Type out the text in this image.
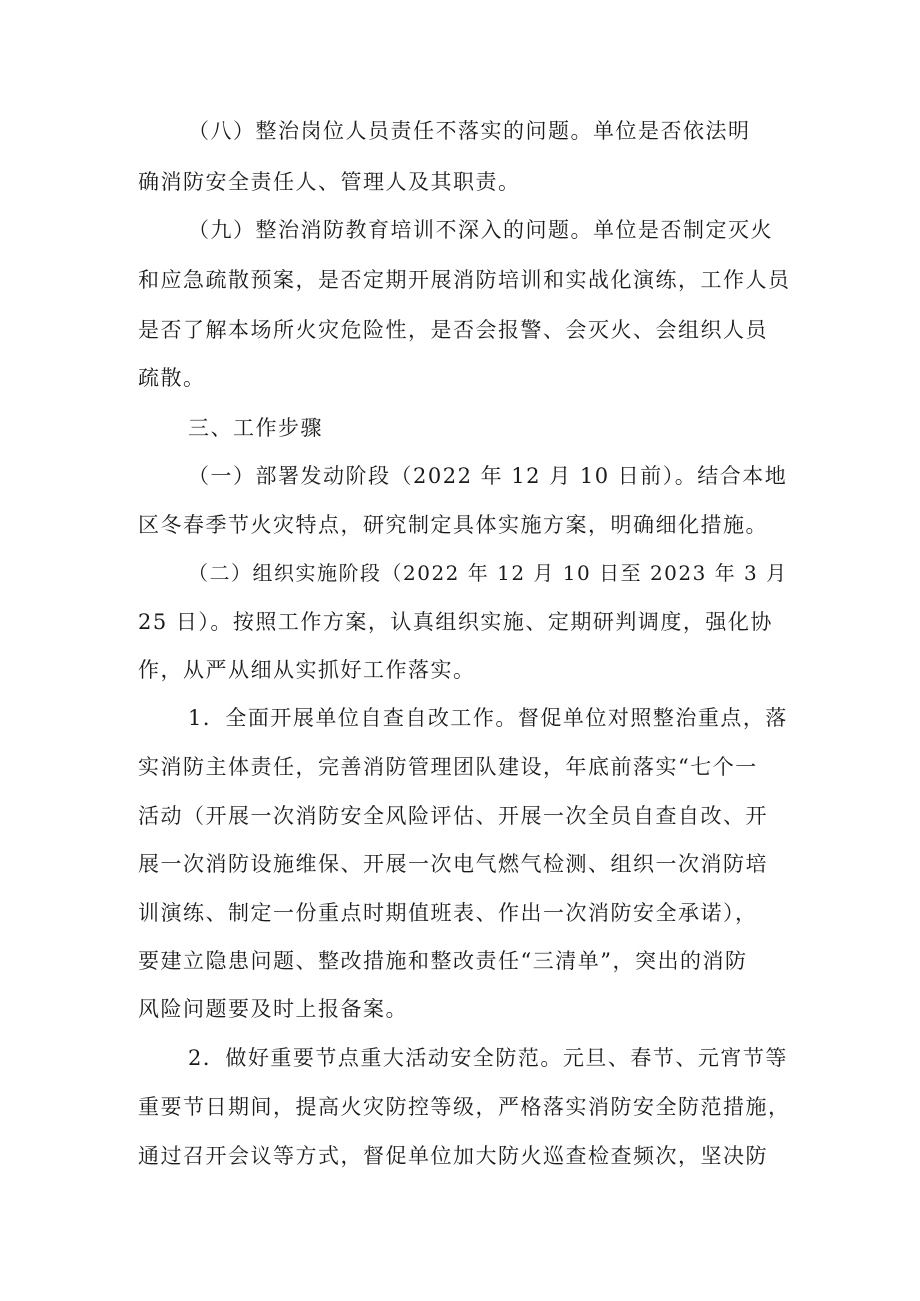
（八）整治岗位人员责任不落实的问题。单位是否依法明
确消防安全责任人、管理人及其职责。
（九）整治消防教育培训不深入的问题。单位是否制定灭火
和应急疏散预案，是否定期开展消防培训和实战化演练，工作人员
是否了解本场所火灾危险性，是否会报警、会灭火、会组织人员
疏散。
三、工作步骤
（一）部署发动阶段（2022 年 12 月 10 日前）。结合本地
区冬春季节火灾特点，研究制定具体实施方案，明确细化措施。
（二）组织实施阶段（2022 年 12 月 10 日至 2023 年 3 月
25 日）。按照工作方案，认真组织实施、定期研判调度，强化协
作，从严从细从实抓好工作落实。
1．全面开展单位自查自改工作。督促单位对照整治重点，落
实消防主体责任，完善消防管理团队建设，年底前落实“七个一
活动（开展一次消防安全风险评估、开展一次全员自查自改、开
展一次消防设施维保、开展一次电气燃气检测、组织一次消防培
训演练、制定一份重点时期值班表、作出一次消防安全承诺），
要建立隐患问题、整改措施和整改责任“三清单”，突出的消防
风险问题要及时上报备案。
2．做好重要节点重大活动安全防范。元旦、春节、元宵节等
重要节日期间，提高火灾防控等级，严格落实消防安全防范措施，
通过召开会议等方式，督促单位加大防火巡查检查频次，坚决防
